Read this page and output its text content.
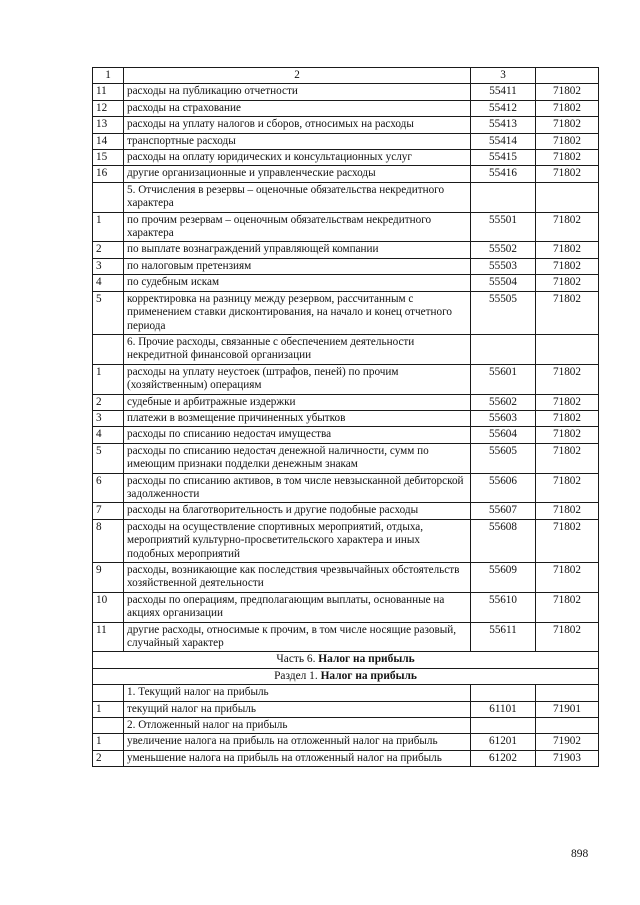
1	2	3	
11	расходы на публикацию отчетности	55411	71802
12	расходы на страхование	55412	71802
13	расходы на уплату налогов и сборов, относимых на расходы	55413	71802
14	транспортные расходы	55414	71802
15	расходы на оплату юридических и консультационных услуг	55415	71802
16	другие организационные и управленческие расходы	55416	71802
	5. Отчисления в резервы – оценочные обязательства некредитного характера		
1	по прочим резервам – оценочным обязательствам некредитного характера	55501	71802
2	по выплате вознаграждений управляющей компании	55502	71802
3	по налоговым претензиям	55503	71802
4	по судебным искам	55504	71802
5	корректировка на разницу между резервом, рассчитанным с применением ставки дисконтирования, на начало и конец отчетного периода	55505	71802
	6. Прочие расходы, связанные с обеспечением деятельности некредитной финансовой организации		
1	расходы на уплату неустоек (штрафов, пеней) по прочим (хозяйственным) операциям	55601	71802
2	судебные и арбитражные издержки	55602	71802
3	платежи в возмещение причиненных убытков	55603	71802
4	расходы по списанию недостач имущества	55604	71802
5	расходы по списанию недостач денежной наличности, сумм по имеющим признаки подделки денежным знакам	55605	71802
6	расходы по списанию активов, в том числе невзысканной дебиторской задолженности	55606	71802
7	расходы на благотворительность и другие подобные расходы	55607	71802
8	расходы на осуществление спортивных мероприятий, отдыха, мероприятий культурно-просветительского характера и иных подобных мероприятий	55608	71802
9	расходы, возникающие как последствия чрезвычайных обстоятельств хозяйственной деятельности	55609	71802
10	расходы по операциям, предполагающим выплаты, основанные на акциях организации	55610	71802
11	другие расходы, относимые к прочим, в том числе носящие разовый, случайный характер	55611	71802
Часть 6. Налог на прибыль			
Раздел 1. Налог на прибыль			
	1. Текущий налог на прибыль		
1	текущий налог на прибыль	61101	71901
	2. Отложенный налог на прибыль		
1	увеличение налога на прибыль на отложенный налог на прибыль	61201	71902
2	уменьшение налога на прибыль на отложенный налог на прибыль	61202	71903
898
